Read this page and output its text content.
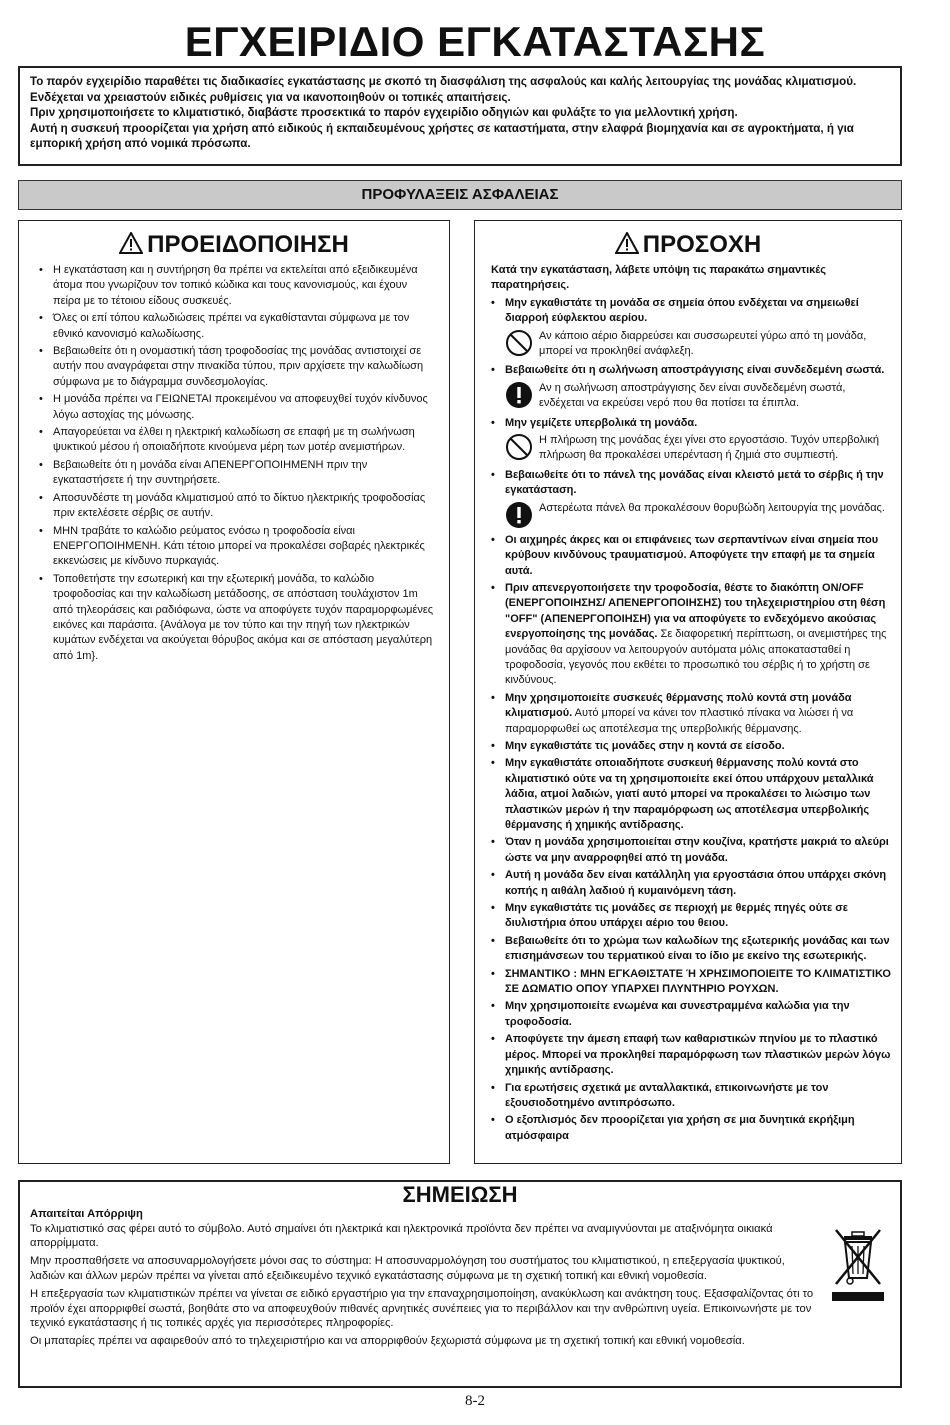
ΕΓΧΕΙΡΙΔΙΟ ΕΓΚΑΤΑΣΤΑΣΗΣ

Το παρόν εγχειρίδιο παραθέτει τις διαδικασίες εγκατάστασης με σκοπό τη διασφάλιση της ασφαλούς και καλής λειτουργίας της μονάδας κλιματισμού.

Ενδέχεται να χρειαστούν ειδικές ρυθμίσεις για να ικανοποιηθούν οι τοπικές απαιτήσεις.

Πριν χρησιμοποιήσετε το κλιματιστικό, διαβάστε προσεκτικά το παρόν εγχειρίδιο οδηγιών και φυλάξτε το για μελλοντική χρήση.

Αυτή η συσκευή προορίζεται για χρήση από ειδικούς ή εκπαιδευμένους χρήστες σε καταστήματα, στην ελαφρά βιομηχανία και σε αγροκτήματα, ή για εμπορική χρήση από νομικά πρόσωπα.

ΠΡΟΦΥΛΑΞΕΙΣ ΑΣΦΑΛΕΙΑΣ
ΠΡΟΕΙΔΟΠΟΙΗΣΗ
• Η εγκατάσταση και η συντήρηση θα πρέπει να εκτελείται από εξειδικευμένα άτομα που γνωρίζουν τον τοπικό κώδικα και τους κανονισμούς, και έχουν πείρα με το τέτοιου είδους συσκευές.
• Όλες οι επί τόπου καλωδιώσεις πρέπει να εγκαθίστανται σύμφωνα με τον εθνικό κανονισμό καλωδίωσης.
• Βεβαιωθείτε ότι η ονομαστική τάση τροφοδοσίας της μονάδας αντιστοιχεί σε αυτήν που αναγράφεται στην πινακίδα τύπου, πριν αρχίσετε την καλωδίωση σύμφωνα με το διάγραμμα συνδεσμολογίας.
• Η μονάδα πρέπει να ΓΕΙΩΝΕΤΑΙ προκειμένου να αποφευχθεί τυχόν κίνδυνος λόγω αστοχίας της μόνωσης.
• Απαγορεύεται να έλθει η ηλεκτρική καλωδίωση σε επαφή με τη σωλήνωση ψυκτικού μέσου ή οποιαδήποτε κινούμενα μέρη των μοτέρ ανεμιστήρων.
• Βεβαιωθείτε ότι η μονάδα είναι ΑΠΕΝΕΡΓΟΠΟΙΗΜΕΝΗ πριν την εγκαταστήσετε ή την συντηρήσετε.
• Αποσυνδέστε τη μονάδα κλιματισμού από το δίκτυο ηλεκτρικής τροφοδοσίας πριν εκτελέσετε σέρβις σε αυτήν.
• ΜΗΝ τραβάτε το καλώδιο ρεύματος ενόσω η τροφοδοσία είναι ΕΝΕΡΓΟΠΟΙΗΜΕΝΗ. Κάτι τέτοιο μπορεί να προκαλέσει σοβαρές ηλεκτρικές εκκενώσεις με κίνδυνο πυρκαγιάς.
• Τοποθετήστε την εσωτερική και την εξωτερική μονάδα, το καλώδιο τροφοδοσίας και την καλωδίωση μετάδοσης, σε απόσταση τουλάχιστον 1m από τηλεοράσεις και ραδιόφωνα, ώστε να αποφύγετε τυχόν παραμορφωμένες εικόνες και παράσιτα. {Ανάλογα με τον τύπο και την πηγή των ηλεκτρικών κυμάτων ενδέχεται να ακούγεται θόρυβος ακόμα και σε απόσταση μεγαλύτερη από 1m}.
ΠΡΟΣΟΧΗ
Κατά την εγκατάσταση, λάβετε υπόψη τις παρακάτω σημαντικές παρατηρήσεις.
• Μην εγκαθιστάτε τη μονάδα σε σημεία όπου ενδέχεται να σημειωθεί διαρροή εύφλεκτου αερίου.
Αν κάποιο αέριο διαρρεύσει και συσσωρευτεί γύρω από τη μονάδα, μπορεί να προκληθεί ανάφλεξη.
• Βεβαιωθείτε ότι η σωλήνωση αποστράγγισης είναι συνδεδεμένη σωστά.
Αν η σωλήνωση αποστράγγισης δεν είναι συνδεδεμένη σωστά, ενδέχεται να εκρεύσει νερό που θα ποτίσει τα έπιπλα.
• Μην γεμίζετε υπερβολικά τη μονάδα.
Η πλήρωση της μονάδας έχει γίνει στο εργοστάσιο. Τυχόν υπερβολική πλήρωση θα προκαλέσει υπερένταση ή ζημιά στο συμπιεστή.
• Βεβαιωθείτε ότι το πάνελ της μονάδας είναι κλειστό μετά το σέρβις ή την εγκατάσταση.
Αστερέωτα πάνελ θα προκαλέσουν θορυβώδη λειτουργία της μονάδας.
• Οι αιχμηρές άκρες και οι επιφάνειες των σερπαντίνων είναι σημεία που κρύβουν κινδύνους τραυματισμού. Αποφύγετε την επαφή με τα σημεία αυτά.
• Πριν απενεργοποιήσετε την τροφοδοσία, θέστε το διακόπτη ON/OFF (ΕΝΕΡΓΟΠΟΙΗΣΗΣ/ ΑΠΕΝΕΡΓΟΠΟΙΗΣΗΣ) του τηλεχειριστηρίου στη θέση "OFF" (ΑΠΕΝΕΡΓΟΠΟΙΗΣΗ) για να αποφύγετε το ενδεχόμενο ακούσιας ενεργοποίησης της μονάδας. Σε διαφορετική περίπτωση, οι ανεμιστήρες της μονάδας θα αρχίσουν να λειτουργούν αυτόματα μόλις αποκατασταθεί η τροφοδοσία, γεγονός που εκθέτει το προσωπικό του σέρβις ή το χρήστη σε κινδύνους.
• Μην χρησιμοποιείτε συσκευές θέρμανσης πολύ κοντά στη μονάδα κλιματισμού. Αυτό μπορεί να κάνει τον πλαστικό πίνακα να λιώσει ή να παραμορφωθεί ως αποτέλεσμα της υπερβολικής θέρμανσης.
• Μην εγκαθιστάτε τις μονάδες στην η κοντά σε είσοδο.
• Μην εγκαθιστάτε οποιαδήποτε συσκευή θέρμανσης πολύ κοντά στο κλιματιστικό ούτε να τη χρησιμοποιείτε εκεί όπου υπάρχουν μεταλλικά λάδια, ατμοί λαδιών, γιατί αυτό μπορεί να προκαλέσει το λιώσιμο των πλαστικών μερών ή την παραμόρφωση ως αποτέλεσμα υπερβολικής θέρμανσης ή χημικής αντίδρασης.
• Όταν η μονάδα χρησιμοποιείται στην κουζίνα, κρατήστε μακριά το αλεύρι ώστε να μην αναρροφηθεί από τη μονάδα.
• Αυτή η μονάδα δεν είναι κατάλληλη για εργοστάσια όπου υπάρχει σκόνη κοπής η αιθάλη λαδιού ή κυμαινόμενη τάση.
• Μην εγκαθιστάτε τις μονάδες σε περιοχή με θερμές πηγές ούτε σε διυλιστήρια όπου υπάρχει αέριο του θειου.
• Βεβαιωθείτε ότι το χρώμα των καλωδίων της εξωτερικής μονάδας και των επισημάνσεων του τερματικού είναι το ίδιο με εκείνο της εσωτερικής.
• ΣΗΜΑΝΤΙΚΟ : ΜΗΝ ΕΓΚΑΘΙΣΤΑΤΕ Ή ΧΡΗΣΙΜΟΠΟΙΕΙΤΕ ΤΟ ΚΛΙΜΑΤΙΣΤΙΚΟ ΣΕ ΔΩΜΑΤΙΟ ΟΠΟΥ ΥΠΑΡΧΕΙ ΠΛΥΝΤΗΡΙΟ ΡΟΥΧΩΝ.
• Μην χρησιμοποιείτε ενωμένα και συνεστραμμένα καλώδια για την τροφοδοσία.
• Αποφύγετε την άμεση επαφή των καθαριστικών πηνίου με το πλαστικό μέρος. Μπορεί να προκληθεί παραμόρφωση των πλαστικών μερών λόγω χημικής αντίδρασης.
• Για ερωτήσεις σχετικά με ανταλλακτικά, επικοινωνήστε με τον εξουσιοδοτημένο αντιπρόσωπο.
• Ο εξοπλισμός δεν προορίζεται για χρήση σε μια δυνητικά εκρήξιμη ατμόσφαιρα
ΣΗΜΕΙΩΣΗ
Απαιτείται Απόρριψη

Το κλιματιστικό σας φέρει αυτό το σύμβολο. Αυτό σημαίνει ότι ηλεκτρικά και ηλεκτρονικά προϊόντα δεν πρέπει να αναμιγνύονται με αταξινόμητα οικιακά απορρίμματα.

Μην προσπαθήσετε να αποσυναρμολογήσετε μόνοι σας το σύστημα: Η αποσυναρμολόγηση του συστήματος του κλιματιστικού, η επεξεργασία ψυκτικού, λαδιών και άλλων μερών πρέπει να γίνεται από εξειδικευμένο τεχνικό εγκατάστασης σύμφωνα με τη σχετική τοπική και εθνική νομοθεσία.

Η επεξεργασία των κλιματιστικών πρέπει να γίνεται σε ειδικό εργαστήριο για την επαναχρησιμοποίηση, ανακύκλωση και ανάκτηση τους. Εξασφαλίζοντας ότι το προϊόν έχει απορριφθεί σωστά, βοηθάτε στο να αποφευχθούν πιθανές αρνητικές συνέπειες για το περιβάλλον και την ανθρώπινη υγεία. Επικοινωνήστε με τον τεχνικό εγκατάστασης ή τις τοπικές αρχές για περισσότερες πληροφορίες.

Οι μπαταρίες πρέπει να αφαιρεθούν από το τηλεχειριστήριο και να απορριφθούν ξεχωριστά σύμφωνα με τη σχετική τοπική και εθνική νομοθεσία.

8-2
